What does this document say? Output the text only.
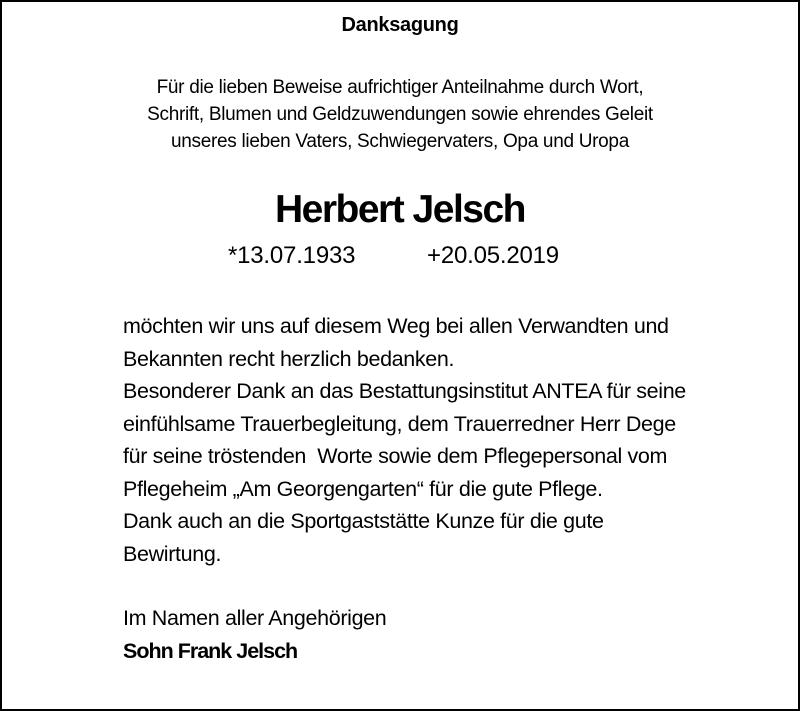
Danksagung
Für die lieben Beweise aufrichtiger Anteilnahme durch Wort,
Schrift, Blumen und Geldzuwendungen sowie ehrendes Geleit
unseres lieben Vaters, Schwiegervaters, Opa und Uropa
Herbert Jelsch
*13.07.1933	+20.05.2019
möchten wir uns auf diesem Weg bei allen Verwandten und
Bekannten recht herzlich bedanken.
Besonderer Dank an das Bestattungsinstitut ANTEA für seine
einfühlsame Trauerbegleitung, dem Trauerredner Herr Dege
für seine tröstenden  Worte sowie dem Pflegepersonal vom
Pflegeheim „Am Georgengarten“ für die gute Pflege.
Dank auch an die Sportgaststätte Kunze für die gute
Bewirtung.
Im Namen aller Angehörigen
Sohn Frank Jelsch
